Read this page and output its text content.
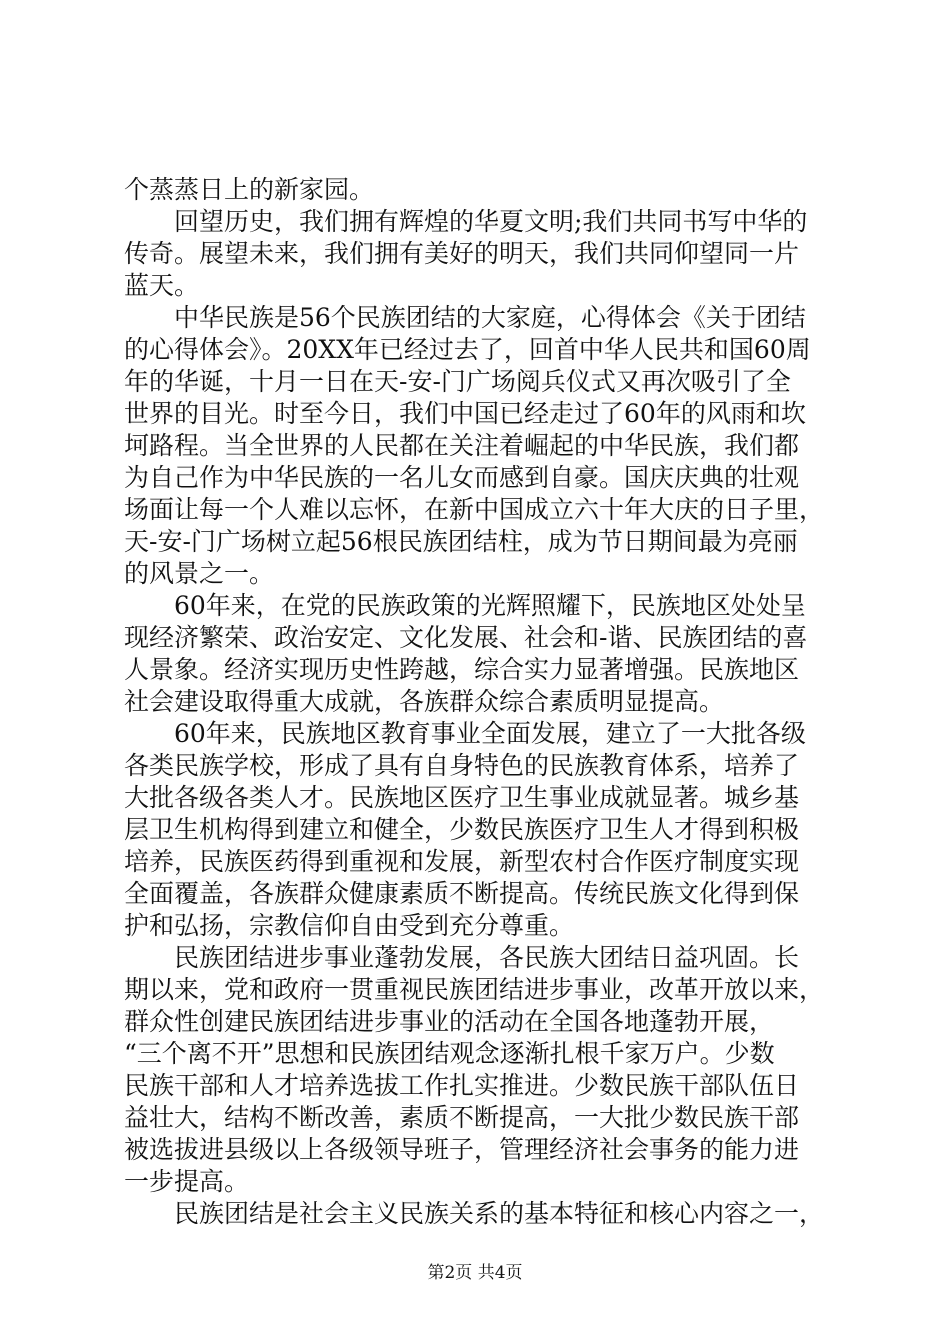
个蒸蒸日上的新家园。

回望历史，我们拥有辉煌的华夏文明;我们共同书写中华的

传奇。展望未来，我们拥有美好的明天，我们共同仰望同一片

蓝天。

中华民族是56个民族团结的大家庭，心得体会《关于团结

的心得体会》。20XX年已经过去了，回首中华人民共和国60周

年的华诞，十月一日在天-安-门广场阅兵仪式又再次吸引了全

世界的目光。时至今日，我们中国已经走过了60年的风雨和坎

坷路程。当全世界的人民都在关注着崛起的中华民族，我们都

为自己作为中华民族的一名儿女而感到自豪。国庆庆典的壮观

场面让每一个人难以忘怀，在新中国成立六十年大庆的日子里，

天-安-门广场树立起56根民族团结柱，成为节日期间最为亮丽

的风景之一。

60年来，在党的民族政策的光辉照耀下，民族地区处处呈

现经济繁荣、政治安定、文化发展、社会和-谐、民族团结的喜

人景象。经济实现历史性跨越，综合实力显著增强。民族地区

社会建设取得重大成就，各族群众综合素质明显提高。

60年来，民族地区教育事业全面发展，建立了一大批各级

各类民族学校，形成了具有自身特色的民族教育体系，培养了

大批各级各类人才。民族地区医疗卫生事业成就显著。城乡基

层卫生机构得到建立和健全，少数民族医疗卫生人才得到积极

培养，民族医药得到重视和发展，新型农村合作医疗制度实现

全面覆盖，各族群众健康素质不断提高。传统民族文化得到保

护和弘扬，宗教信仰自由受到充分尊重。

民族团结进步事业蓬勃发展，各民族大团结日益巩固。长

期以来，党和政府一贯重视民族团结进步事业，改革开放以来，

群众性创建民族团结进步事业的活动在全国各地蓬勃开展，

“三个离不开”思想和民族团结观念逐渐扎根千家万户。少数

民族干部和人才培养选拔工作扎实推进。少数民族干部队伍日

益壮大，结构不断改善，素质不断提高，一大批少数民族干部

被选拔进县级以上各级领导班子，管理经济社会事务的能力进

一步提高。

民族团结是社会主义民族关系的基本特征和核心内容之一，

第2页 共4页
